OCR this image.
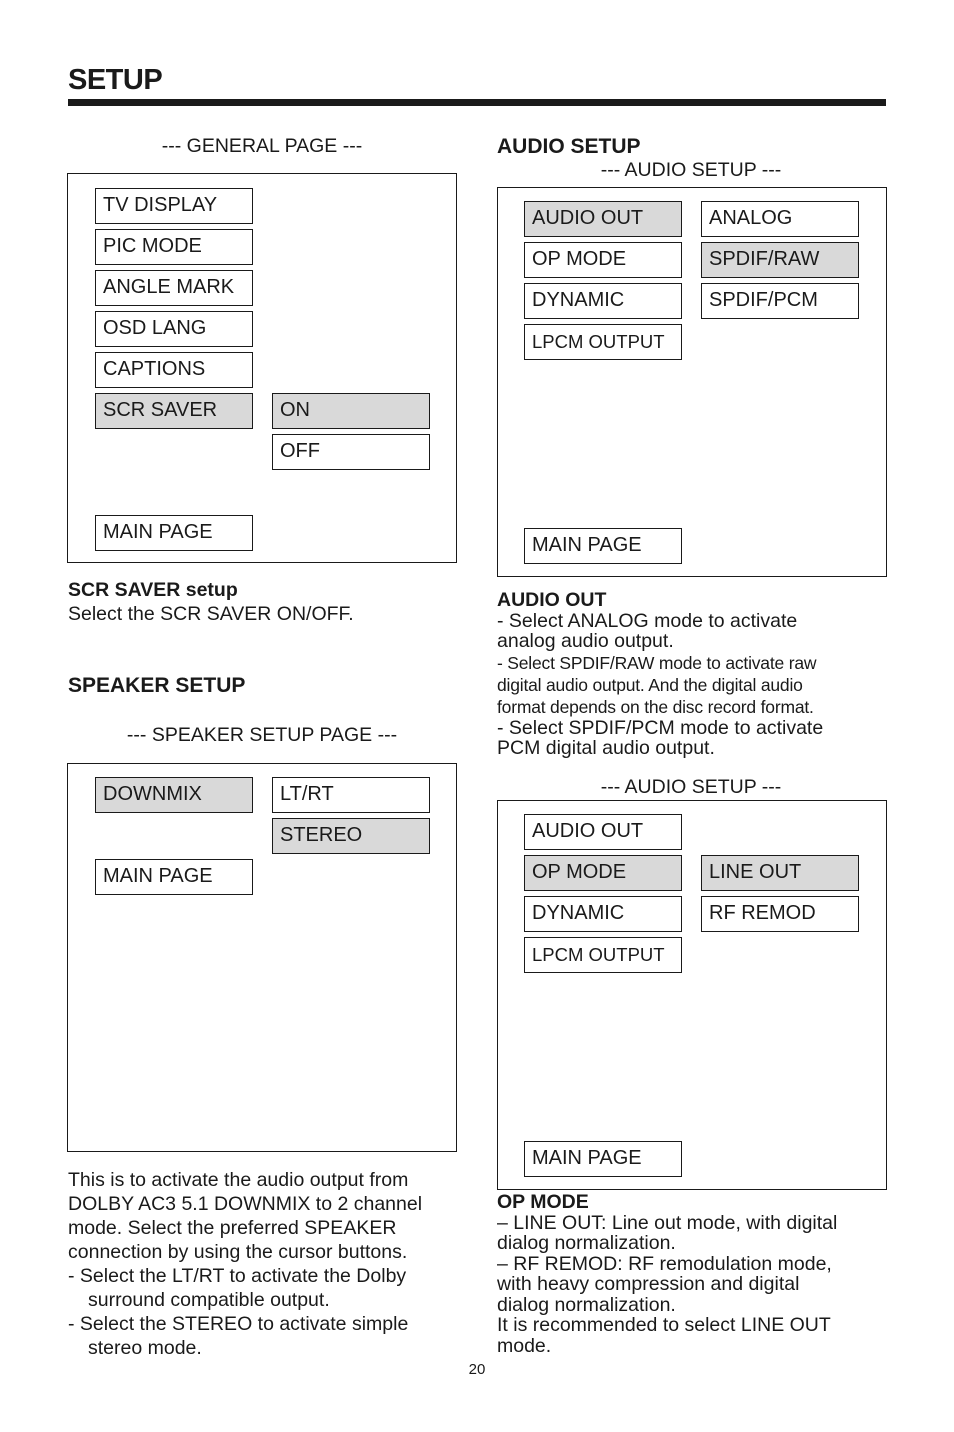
SETUP
--- GENERAL PAGE ---
TV DISPLAY
PIC MODE
ANGLE MARK
OSD LANG
CAPTIONS
SCR SAVER	ON
OFF
MAIN PAGE
SCR SAVER setup
Select the SCR SAVER ON/OFF.
SPEAKER SETUP
--- SPEAKER SETUP PAGE ---
DOWNMIX	LT/RT
STEREO
MAIN PAGE
This is to activate the audio output from
DOLBY AC3 5.1 DOWNMIX to 2 channel
mode. Select the preferred SPEAKER
connection by using the cursor buttons.
- Select the LT/RT to activate the Dolby
surround compatible output.
- Select the STEREO to activate simple
stereo mode.
AUDIO SETUP
--- AUDIO SETUP ---
AUDIO OUT
OP MODE
DYNAMIC
LPCM OUTPUT
ANALOG
SPDIF/RAW
SPDIF/PCM
MAIN PAGE
AUDIO OUT
- Select ANALOG mode to activate
analog audio output.
- Select SPDIF/RAW mode to activate raw
digital audio output. And the digital audio
format depends on the disc record format.
- Select SPDIF/PCM mode to activate
PCM digital audio output.
--- AUDIO SETUP ---
AUDIO OUT
OP MODE
DYNAMIC
LPCM OUTPUT
LINE OUT
RF REMOD
MAIN PAGE
OP MODE
– LINE OUT: Line out mode, with digital
dialog normalization.
– RF REMOD: RF remodulation mode,
with heavy compression and digital
dialog normalization.
It is recommended to select LINE OUT
mode.
20
